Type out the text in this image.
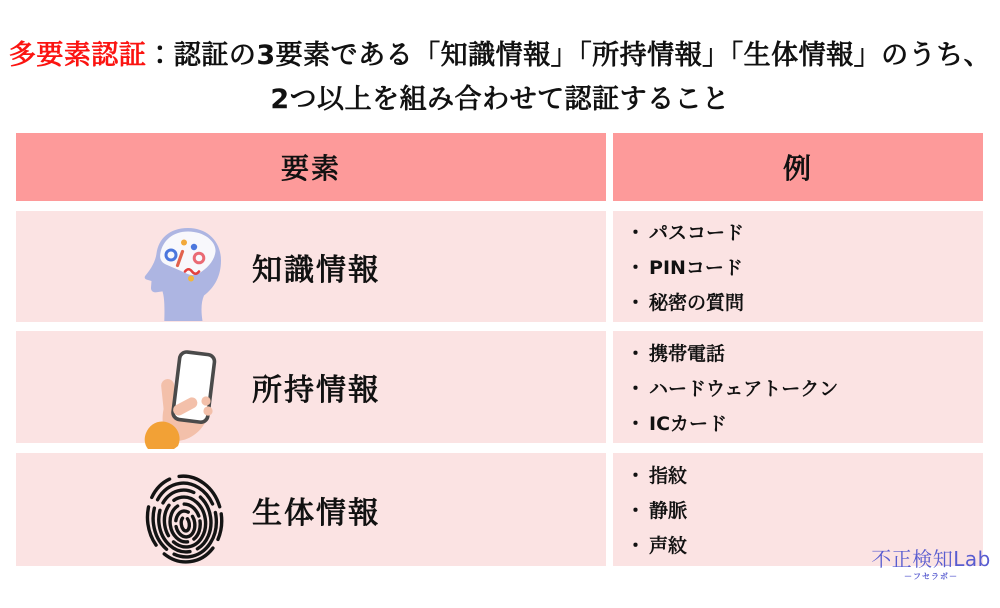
多要素認証：認証の3要素である「知識情報」「所持情報」「生体情報」のうち、

2つ以上を組み合わせて認証すること

要素	例
知識情報
・ パスコード
・ PINコード
・ 秘密の質問
所持情報
・ 携帯電話
・ ハードウェアトークン
・ ICカード
生体情報
・ 指紋
・ 静脈
・ 声紋
不正検知Lab
－フセラボ－
